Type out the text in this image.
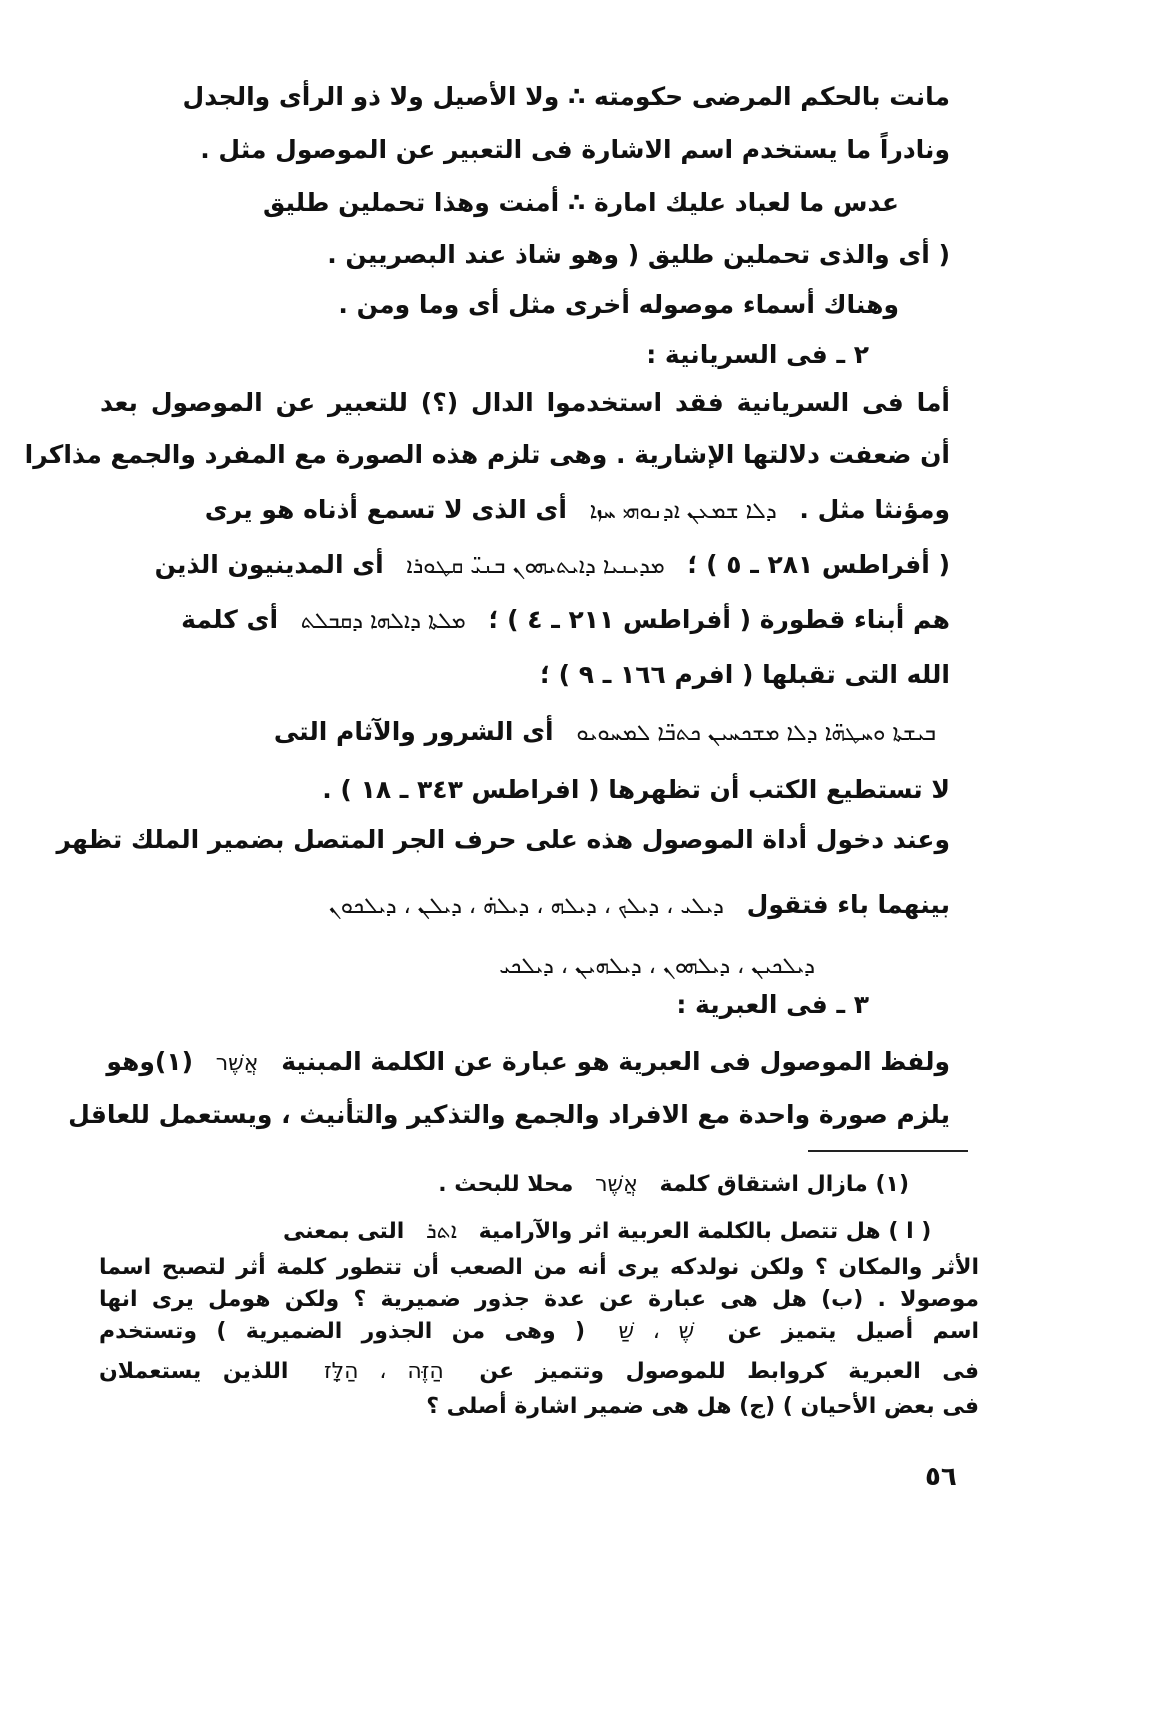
مانت بالحكم المرضى حكومته ∴ ولا الأصيل ولا ذو الرأى والجدل
ونادراً ما يستخدم اسم الاشارة فى التعبير عن الموصول مثل .
عدس ما لعباد عليك امارة ∴ أمنت وهذا تحملين طليق
( أى والذى تحملين طليق ( وهو شاذ عند البصريين .
وهناك أسماء موصوله أخرى مثل أى وما ومن .
٢ ـ فى السريانية :
أما فى السريانية فقد استخدموا الدال (؟) للتعبير عن الموصول بعد
أن ضعفت دلالتها الإشارية . وهى تلزم هذه الصورة مع المفرد والجمع مذاكرا
ومؤنثا مثل . ܕܠܐ ܫܡܥܢ ܐܕܢܘܗܝ ܚܙܐ أى الذى لا تسمع أذناه هو يرى
( أفراطس ٢٨١ ـ ٥ ) ؛ ܡܕܝܢܝܐ ܕܐܝܬܝܗܘܢ ܒܢܝ̈ ܩܛܘܪܐ أى المدينيون الذين
هم أبناء قطورة ( أفراطس ٢١١ ـ ٤ ) ؛ ܡܠܬܐ ܕܐܠܗܐ ܕܩܒܠܬ أى كلمة
الله التى تقبلها ( افرم ١٦٦ ـ ٩ ) ؛
ܒܝܫܬܐ ܘܚܛܗ̈ܐ ܕܠܐ ܡܫܟܚܝܢ ܟܬܒ̈ܐ ܠܡܚܘܝܘ أى الشرور والآثام التى
لا تستطيع الكتب أن تظهرها ( افراطس ٣٤٣ ـ ١٨ ) .
وعند دخول أداة الموصول هذه على حرف الجر المتصل بضمير الملك تظهر
بينهما باء فتقول ܕܝܠܝ ، ܕܝܠܟ ، ܕܝܠܗ ، ܕܝܠܗ̇ ، ܕܝܠܢ ، ܕܝܠܟܘܢ
ܕܝܠܟܝܢ ، ܕܝܠܗܘܢ ، ܕܝܠܗܝܢ ، ܕܝܠܟܝ
٣ ـ فى العبرية :
ولفظ الموصول فى العبرية هو عبارة عن الكلمة المبنية אֲשֶׁר (١)وهو
يلزم صورة واحدة مع الافراد والجمع والتذكير والتأنيث ، ويستعمل للعاقل
(١) مازال اشتقاق كلمة אֲשֶׁר محلا للبحث .
( ا ) هل تتصل بالكلمة العربية اثر والآرامية ܐܬܪ التى بمعنى
الأثر والمكان ؟ ولكن نولدكه يرى أنه من الصعب أن تتطور كلمة أثر لتصبح اسما
موصولا . (ب) هل هى عبارة عن عدة جذور ضميرية ؟ ولكن هومل يرى انها
اسم أصيل يتميز عن שֶׁ ، שַׁ ( وهى من الجذور الضميرية ) وتستخدم
فى العبرية كروابط للموصول وتتميز عن הַזֶּה ، הַלָּז اللذين يستعملان
فى بعض الأحيان ) (ج) هل هى ضمير اشارة أصلى ؟
٥٦
